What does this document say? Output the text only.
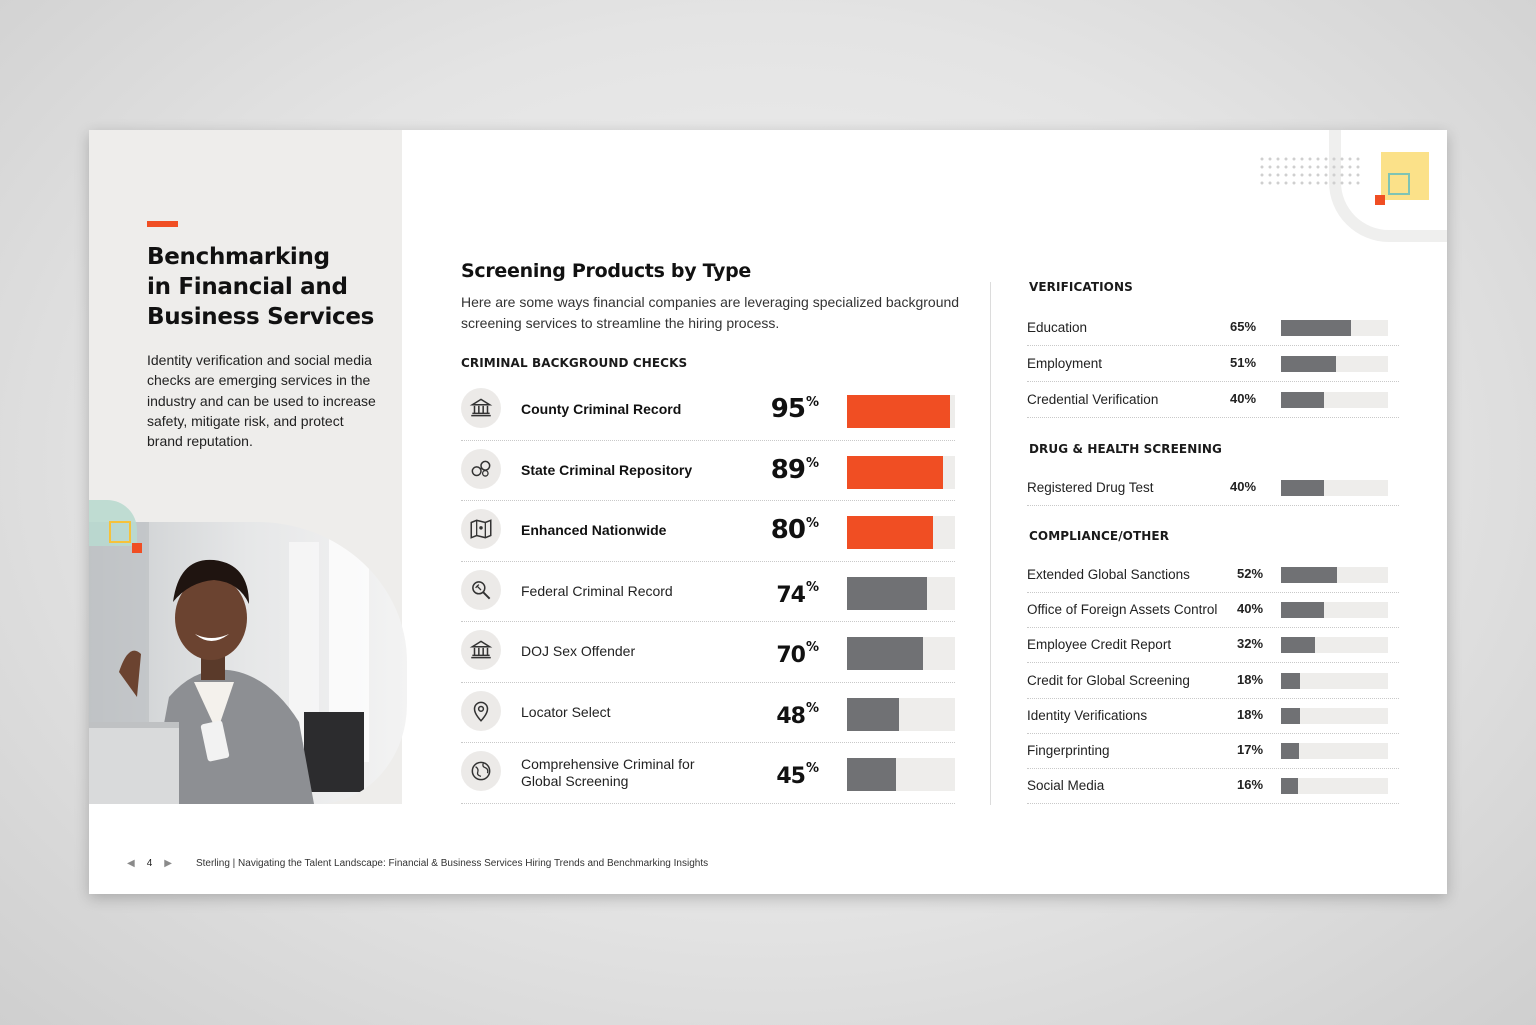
Benchmarking
in Financial and
Business Services

Identity verification and social media checks are emerging services in the industry and can be used to increase safety, mitigate risk, and protect brand reputation.

Screening Products by Type

Here are some ways financial companies are leveraging specialized background screening services to streamline the hiring process.

CRIMINAL BACKGROUND CHECKS
County Criminal Record	95%
State Criminal Repository	89%
Enhanced Nationwide	80%
Federal Criminal Record	74%
DOJ Sex Offender	70%
Locator Select	48%
Comprehensive Criminal for Global Screening	45%
VERIFICATIONS
Education	65%
Employment	51%
Credential Verification	40%
DRUG & HEALTH SCREENING
Registered Drug Test	40%
COMPLIANCE/OTHER
Extended Global Sanctions	52%
Office of Foreign Assets Control 40%
Employee Credit Report	32%
Credit for Global Screening	18%
Identity Verifications	18%
Fingerprinting	17%
Social Media	16%
◀ 4 ▶ Sterling | Navigating the Talent Landscape: Financial & Business Services Hiring Trends and Benchmarking Insights
